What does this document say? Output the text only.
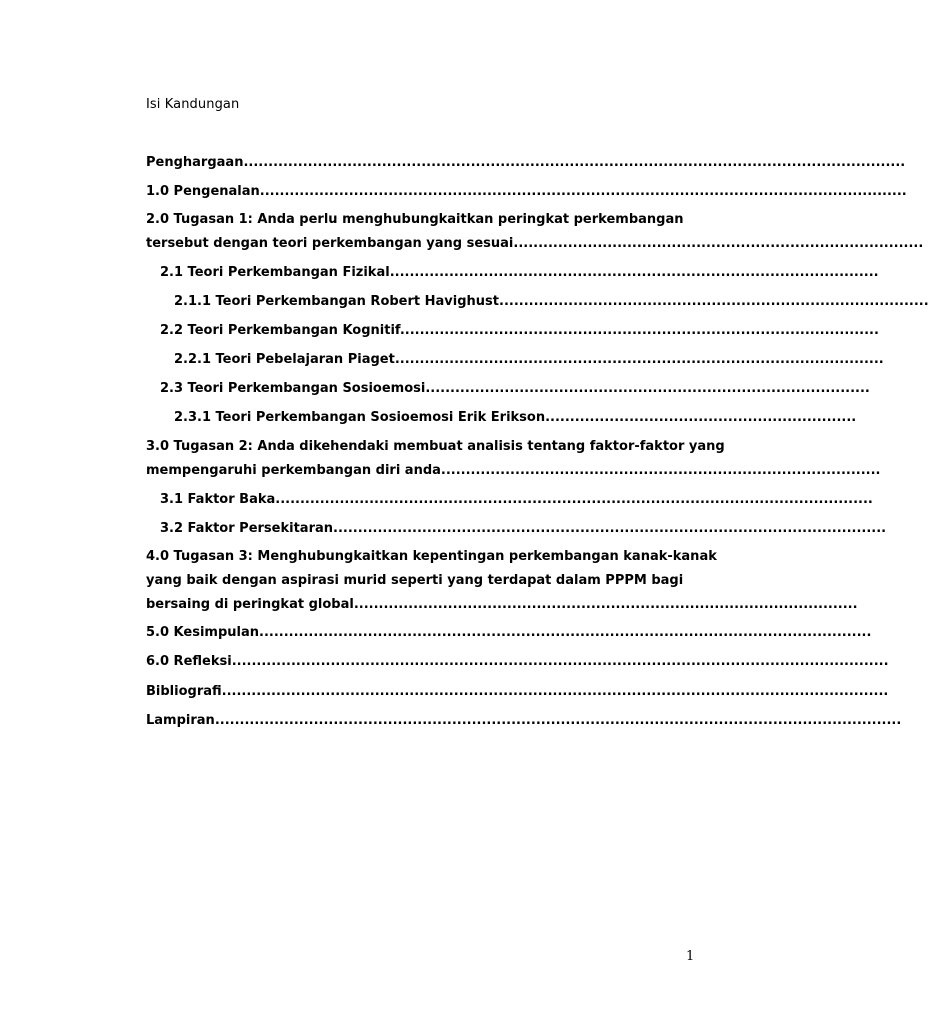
Isi Kandungan
Penghargaan......................................................................................................................................
1.0 Pengenalan...................................................................................................................................
2.0 Tugasan 1: Anda perlu menghubungkaitkan peringkat perkembangan
tersebut dengan teori perkembangan yang sesuai...................................................................................
2.1 Teori Perkembangan Fizikal...................................................................................................
2.1.1 Teori Perkembangan Robert Havighust.......................................................................................
2.2 Teori Perkembangan Kognitif.................................................................................................
2.2.1 Teori Pebelajaran Piaget...................................................................................................
2.3 Teori Perkembangan Sosioemosi..........................................................................................
2.3.1 Teori Perkembangan Sosioemosi Erik Erikson...............................................................
3.0 Tugasan 2: Anda dikehendaki membuat analisis tentang faktor-faktor yang
mempengaruhi perkembangan diri anda.........................................................................................
3.1 Faktor Baka.........................................................................................................................
3.2 Faktor Persekitaran................................................................................................................
4.0 Tugasan 3: Menghubungkaitkan kepentingan perkembangan kanak-kanak
yang baik dengan aspirasi murid seperti yang terdapat dalam PPPM bagi
bersaing di peringkat global......................................................................................................
5.0 Kesimpulan............................................................................................................................
6.0 Refleksi.....................................................................................................................................
Bibliografi.......................................................................................................................................
Lampiran...........................................................................................................................................
1
